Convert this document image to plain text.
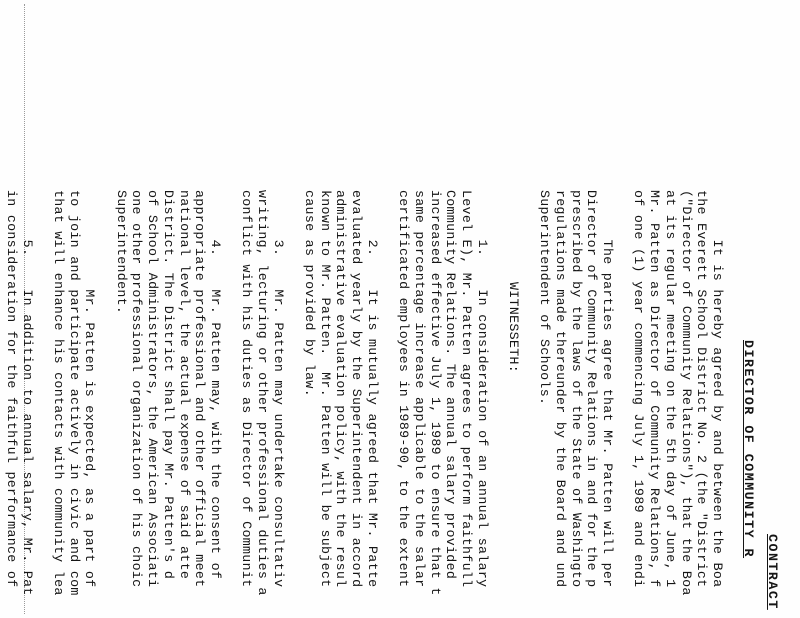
CONTRACT
DIRECTOR OF COMMUNITY R
It is hereby agreed by and between the Boa
the Everett School District No. 2 (the "District
("Director of Community Relations"), that the Boa
at its regular meeting on the 5th day of June, 1
Mr. Patten as Director of Community Relations, f
of one (1) year commencing July 1, 1989 and endi
The parties agree that Mr. Patten will per
Director of Community Relations in and for the p
prescribed by the laws of the State of Washingto
regulations made thereunder by the Board and und
Superintendent of Schools.
WITNESSETH:
1.    In consideration of an annual salary
Level E), Mr. Patten agrees to perform faithfull
Community Relations. The annual salary provided
increased effective July 1, 1989 to ensure that t
same percentage increase applicable to the salar
certificated employees in 1989-90, to the extent
2.    It is mutually agreed that Mr. Patte
evaluated yearly by the Superintendent in accord
administrative evaluation policy, with the resul
known to Mr. Patten.  Mr. Patten will be subject
cause as provided by law.
3.    Mr. Patten may undertake consultativ
writing, lecturing or other professional duties a
conflict with his duties as Director of Communit
4.    Mr. Patten may, with the consent of
appropriate professional and other official meet
national level, the actual expense of said atte
District. The District shall pay Mr. Patten's d
of School Administrators, the American Associati
one other professional organization of his choic
Superintendent.
Mr. Patten is expected, as a part of
to join and participate actively in civic and com
that will enhance his contacts with community lea
5.    In addition to annual salary, Mr. Pat
in consideration for the faithful performance of
